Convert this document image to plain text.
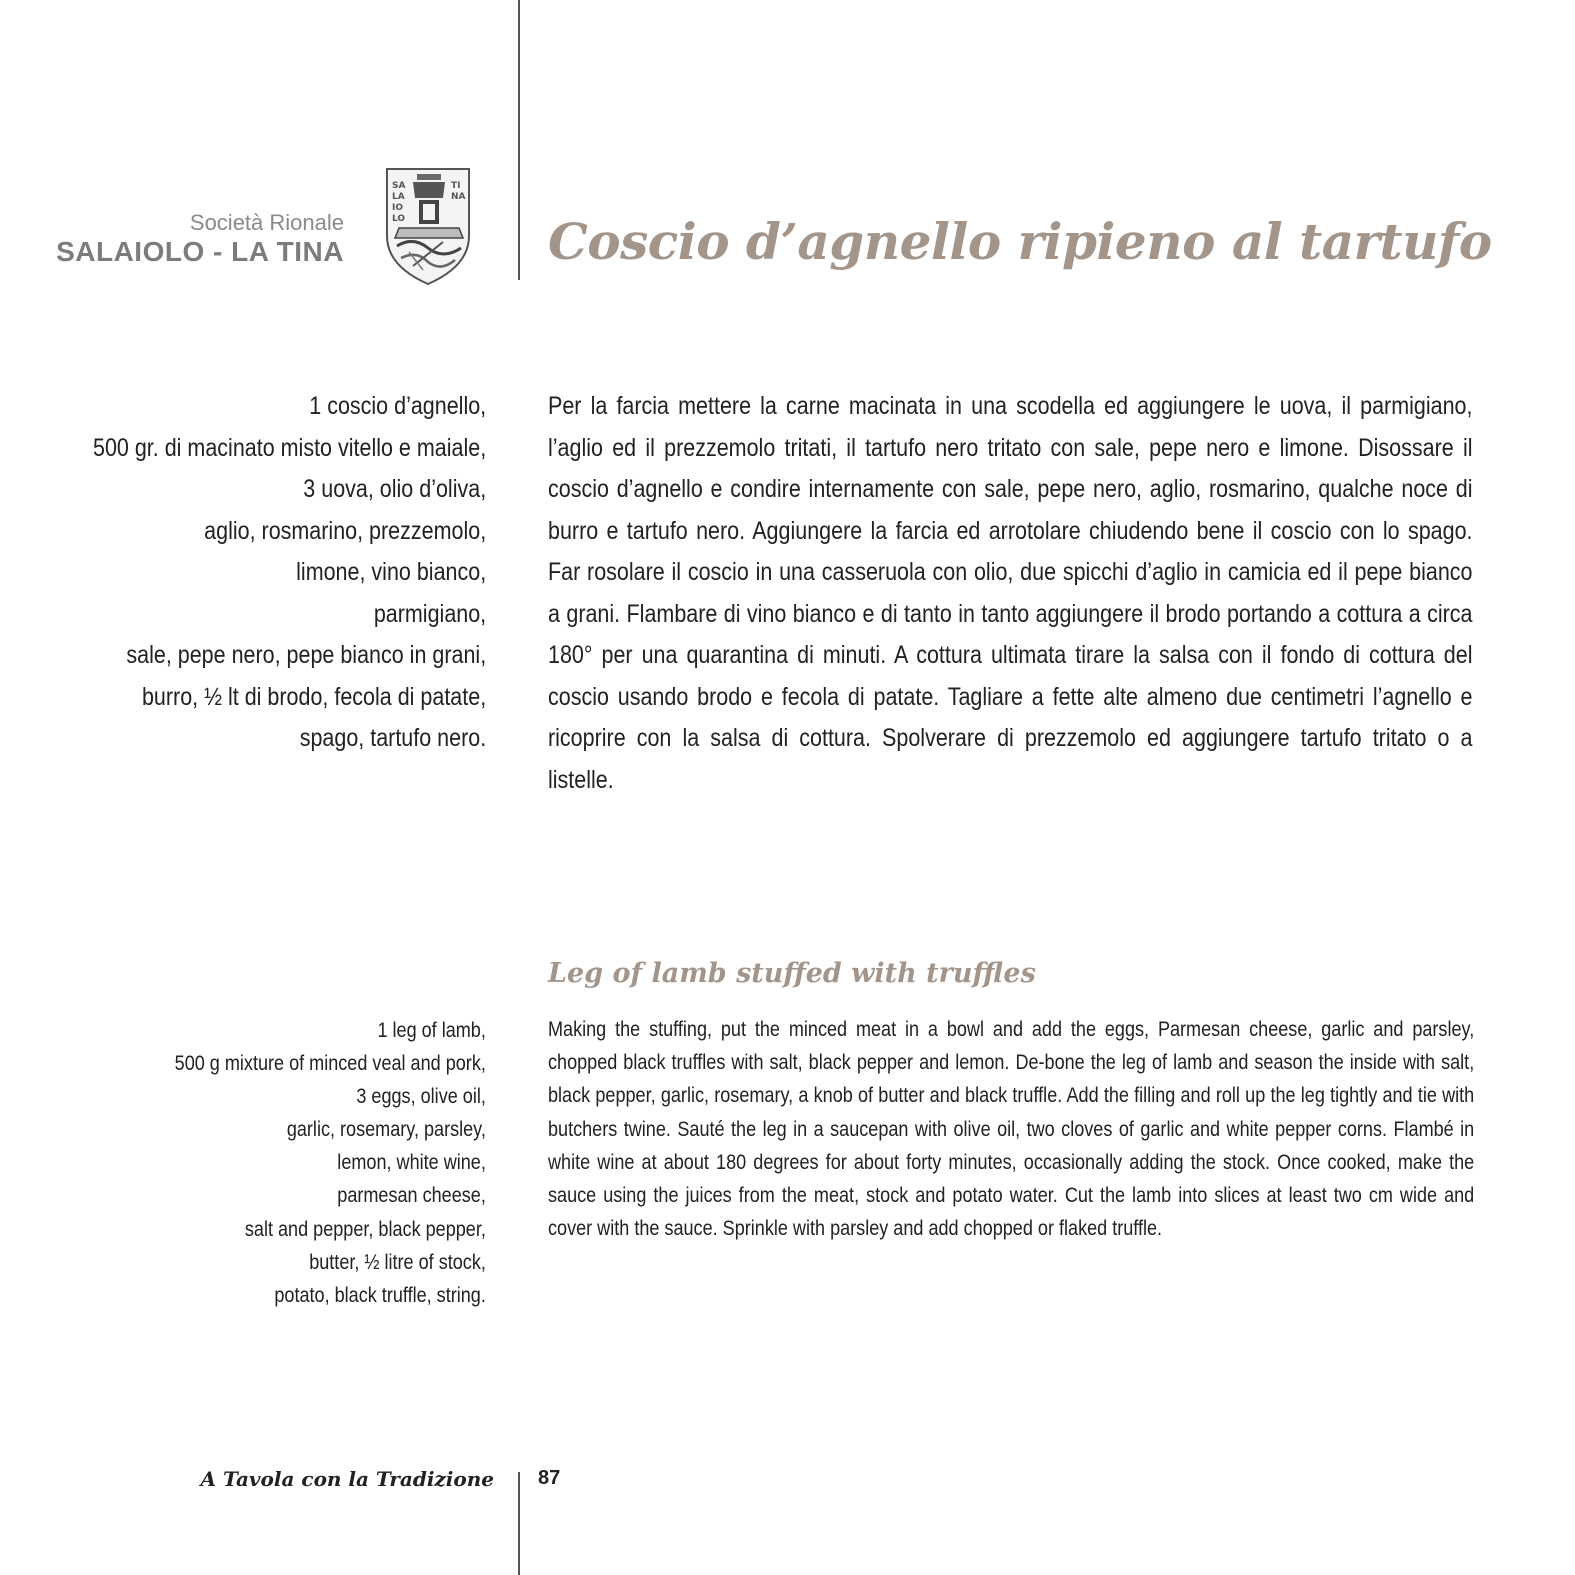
Società Rionale
SALAIOLO - LA TINA
SA
LA
IO
LO
TI
NA
Coscio d’agnello ripieno al tartufo
1 coscio d’agnello,
500 gr. di macinato misto vitello e maiale,
3 uova, olio d’oliva,
aglio, rosmarino, prezzemolo,
limone, vino bianco,
parmigiano,
sale, pepe nero, pepe bianco in grani,
burro, ½ lt di brodo, fecola di patate,
spago, tartufo nero.
Per la farcia mettere la carne macinata in una scodella ed aggiungere le uova, il parmigiano, l’aglio ed il prezzemolo tritati, il tartufo nero tritato con sale, pepe nero e limone. Disossare il coscio d’agnello e condire internamente con sale, pepe nero, aglio, rosmarino, qualche noce di burro e tartufo nero. Aggiungere la farcia ed arrotolare chiudendo bene il coscio con lo spago. Far rosolare il coscio in una casseruola con olio, due spicchi d’aglio in camicia ed il pepe bianco a grani. Flambare di vino bianco e di tanto in tanto aggiungere il brodo portando a cottura a circa 180° per una quarantina di minuti. A cottura ultimata tirare la salsa con il fondo di cottura del coscio usando brodo e fecola di patate. Tagliare a fette alte almeno due centimetri l’agnello e ricoprire con la salsa di cottura. Spolverare di prezzemolo ed aggiungere tartufo tritato o a listelle.
Leg of lamb stuffed with truffles
1 leg of lamb,
500 g mixture of minced veal and pork,
3 eggs, olive oil,
garlic, rosemary, parsley,
lemon, white wine,
parmesan cheese,
salt and pepper, black pepper,
butter, ½ litre of stock,
potato, black truffle, string.
Making the stuffing, put the minced meat in a bowl and add the eggs, Parmesan cheese, garlic and parsley, chopped black truffles with salt, black pepper and lemon. De-bone the leg of lamb and season the inside with salt, black pepper, garlic, rosemary, a knob of butter and black truffle. Add the filling and roll up the leg tightly and tie with butchers twine. Sauté the leg in a saucepan with olive oil, two cloves of garlic and white pepper corns. Flambé in white wine at about 180 degrees for about forty minutes, occasionally adding the stock. Once cooked, make the sauce using the juices from the meat, stock and potato water. Cut the lamb into slices at least two cm wide and cover with the sauce. Sprinkle with parsley and add chopped or flaked truffle.
A Tavola con la Tradizione 87
